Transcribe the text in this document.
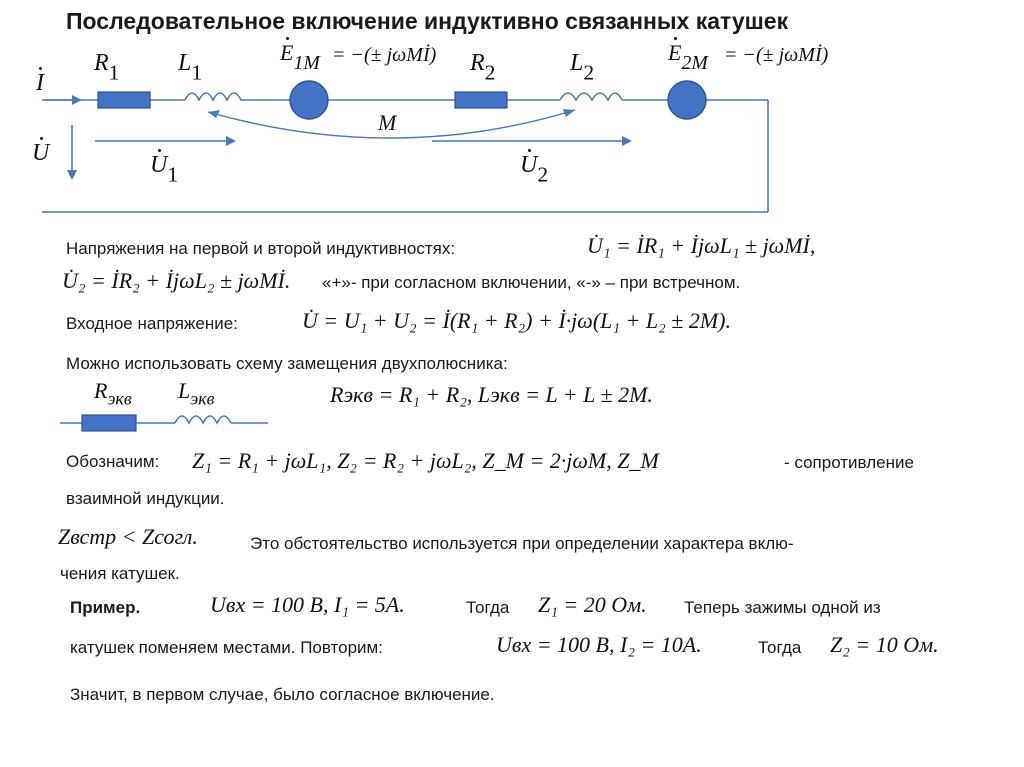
Последовательное включение индуктивно связанных катушек
I
U
$R_1$ $L_1$
$E_{1M}$ = −(± jωMİ) $R_2$	$L_2$
$E_{2M}$ = −(± jωMİ)
M
$U_1$	$U_2$
Напряжения на первой и второй индуктивностях:	U̇₁ = İR₁ + İjωL₁ ± jωMİ,
U̇₂ = İR₂ + İjωL₂ ± jωMİ. «+»- при согласном включении, «-» – при встречном.
Входное напряжение:	U̇ = U₁ + U₂ = İ(R₁ + R₂) + İ·jω(L₁ + L₂ ± 2M).
Можно использовать схему замещения двухполюсника:
$R_{экв}$ $L_{экв}$	Rэкв = R₁ + R₂, Lэкв = L + L ± 2M.
Обозначим: Z₁ = R₁ + jωL₁, Z₂ = R₂ + jωL₂, Z_M = 2·jωM, Z_M	- сопротивление
взаимной индукции.
Zвстр < Zсогл.	Это обстоятельство используется при определении характера вклю-
чения катушек.
Пример.	Uвх = 100 В, I₁ = 5А.	Тогда Z₁ = 20 Ом. Теперь зажимы одной из
катушек поменяем местами. Повторим:	Uвх = 100 В, I₂ = 10А.	Тогда Z₂ = 10 Ом.
Значит, в первом случае, было согласное включение.
